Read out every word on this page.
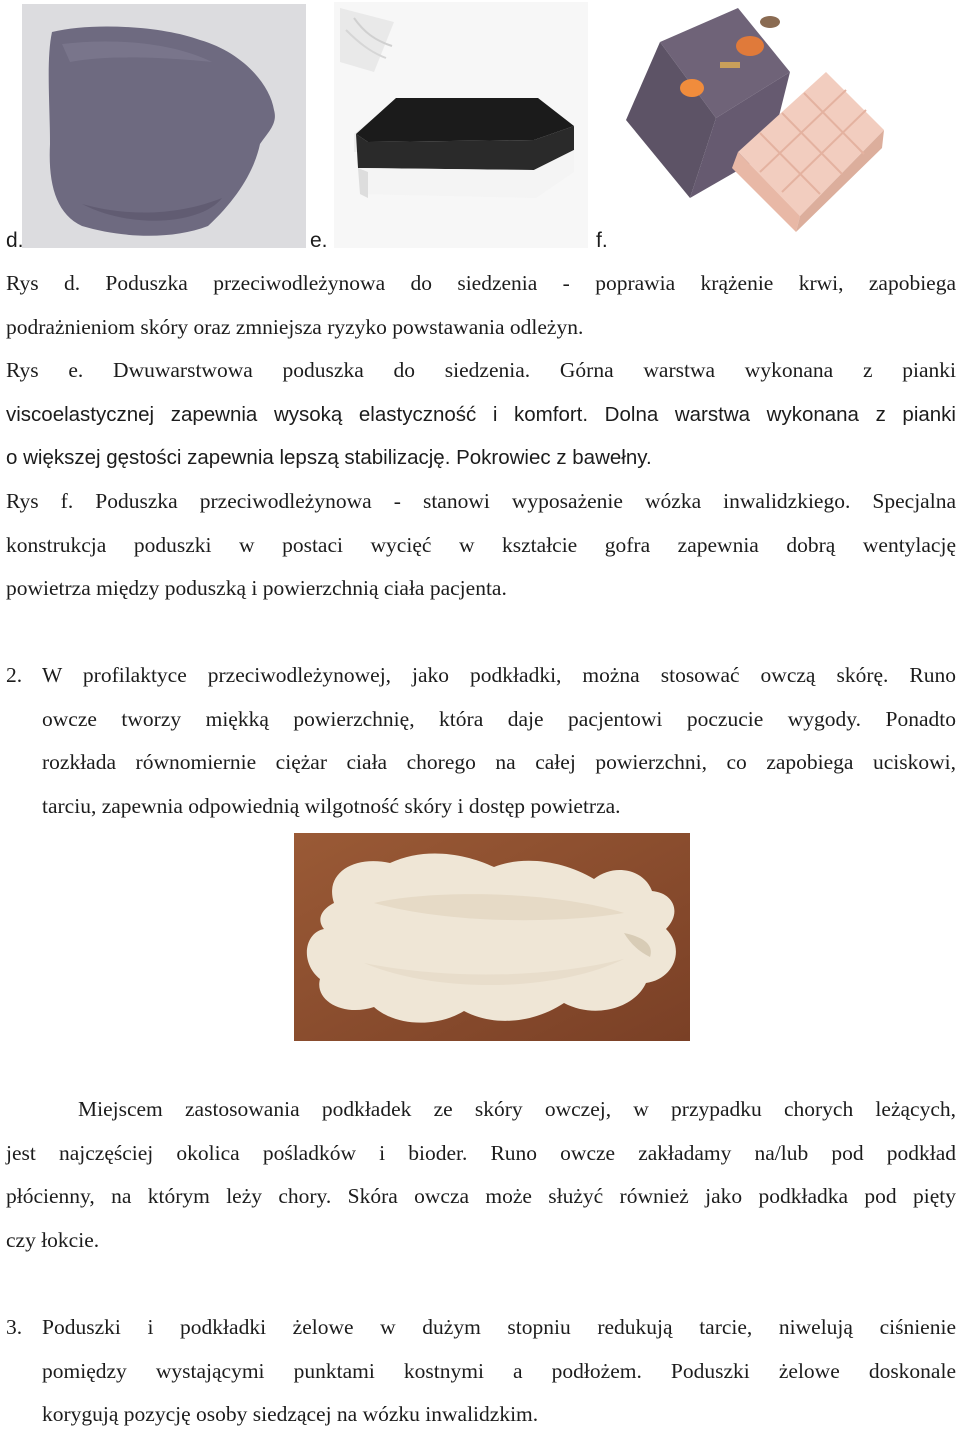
d.	e.	f.
Rys d. Poduszka przeciwodleżynowa do siedzenia - poprawia krążenie krwi, zapobiega
podrażnieniom skóry oraz zmniejsza ryzyko powstawania odleżyn.
Rys e. Dwuwarstwowa poduszka do siedzenia. Górna warstwa wykonana z pianki
viscoelastycznej zapewnia wysoką elastyczność i komfort. Dolna warstwa wykonana z pianki
o większej gęstości zapewnia lepszą stabilizację. Pokrowiec z bawełny.
Rys f. Poduszka przeciwodleżynowa - stanowi wyposażenie wózka inwalidzkiego. Specjalna
konstrukcja poduszki w postaci wycięć w kształcie gofra zapewnia dobrą wentylację
powietrza między poduszką i powierzchnią ciała pacjenta.
2. W profilaktyce przeciwodleżynowej, jako podkładki, można stosować owczą skórę. Runo
owcze tworzy miękką powierzchnię, która daje pacjentowi poczucie wygody. Ponadto
rozkłada równomiernie ciężar ciała chorego na całej powierzchni, co zapobiega uciskowi,
tarciu, zapewnia odpowiednią wilgotność skóry i dostęp powietrza.
Miejscem zastosowania podkładek ze skóry owczej, w przypadku chorych leżących,
jest najczęściej okolica pośladków i bioder. Runo owcze zakładamy na/lub pod podkład
płócienny, na którym leży chory. Skóra owcza może służyć również jako podkładka pod pięty
czy łokcie.
3. Poduszki i podkładki żelowe w dużym stopniu redukują tarcie, niwelują ciśnienie
pomiędzy wystającymi punktami kostnymi a podłożem. Poduszki żelowe doskonale
korygują pozycję osoby siedzącej na wózku inwalidzkim.
